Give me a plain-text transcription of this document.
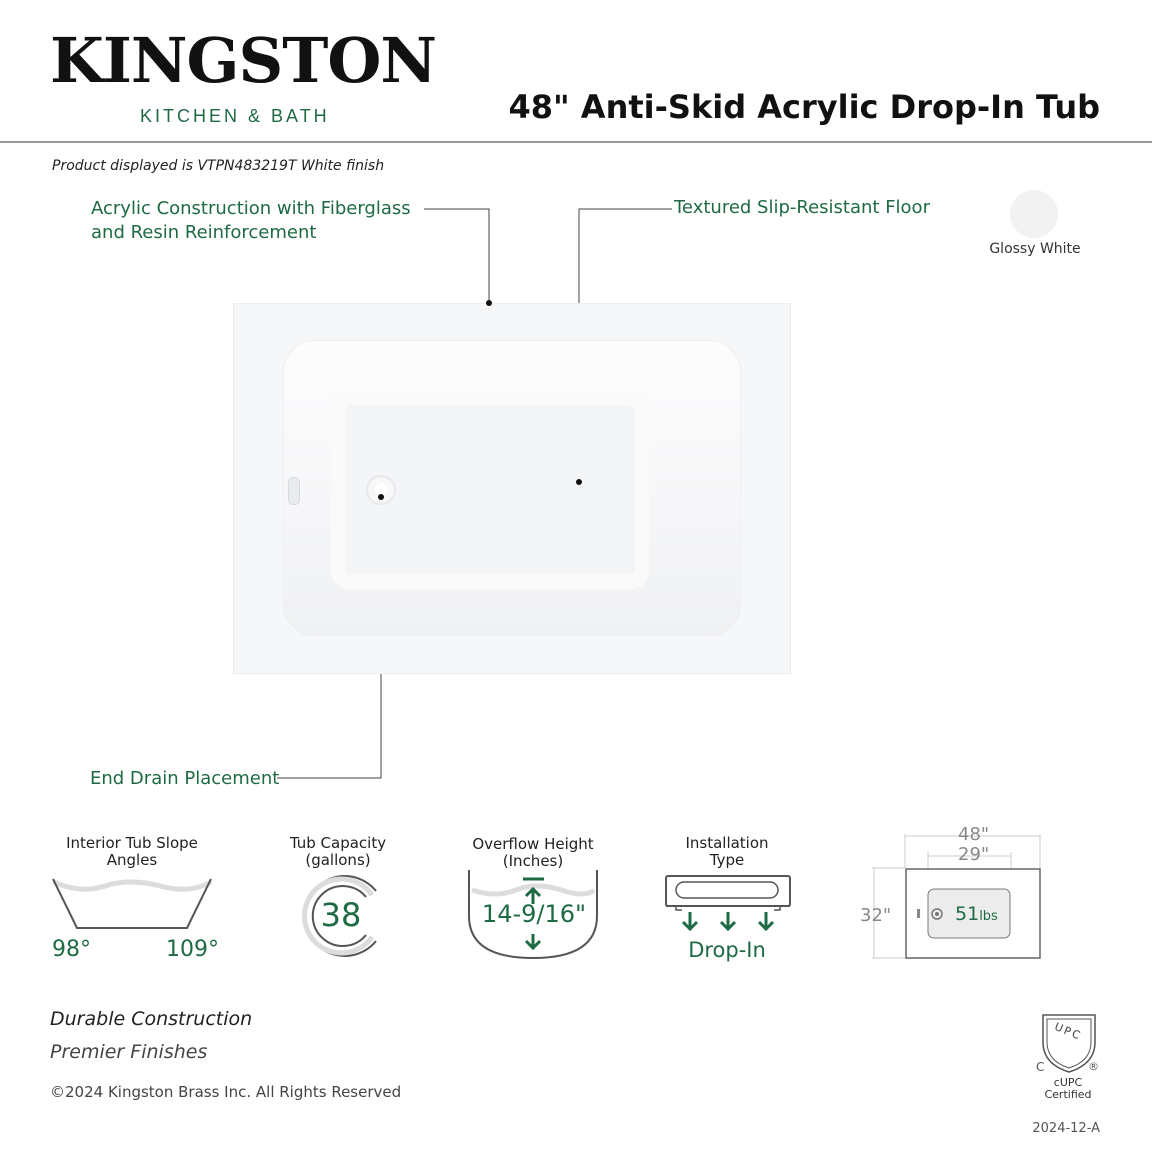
KINGSTON
KITCHEN & BATH	48" Anti-Skid Acrylic Drop-In Tub
Product displayed is VTPN483219T White finish
Acrylic Construction with Fiberglass
and Resin Reinforcement
Textured Slip-Resistant Floor
End Drain Placement
Glossy White
Interior Tub Slope
Angles
98°	109°
Tub Capacity
(gallons)
38
Overflow Height
(Inches)
14-9/16"
Installation
Type
Drop-In
48"
29"
32"	51lbs
Durable Construction
Premier Finishes
©2024 Kingston Brass Inc. All Rights Reserved
UPC
C	®
cUPC
Certified
2024-12-A
